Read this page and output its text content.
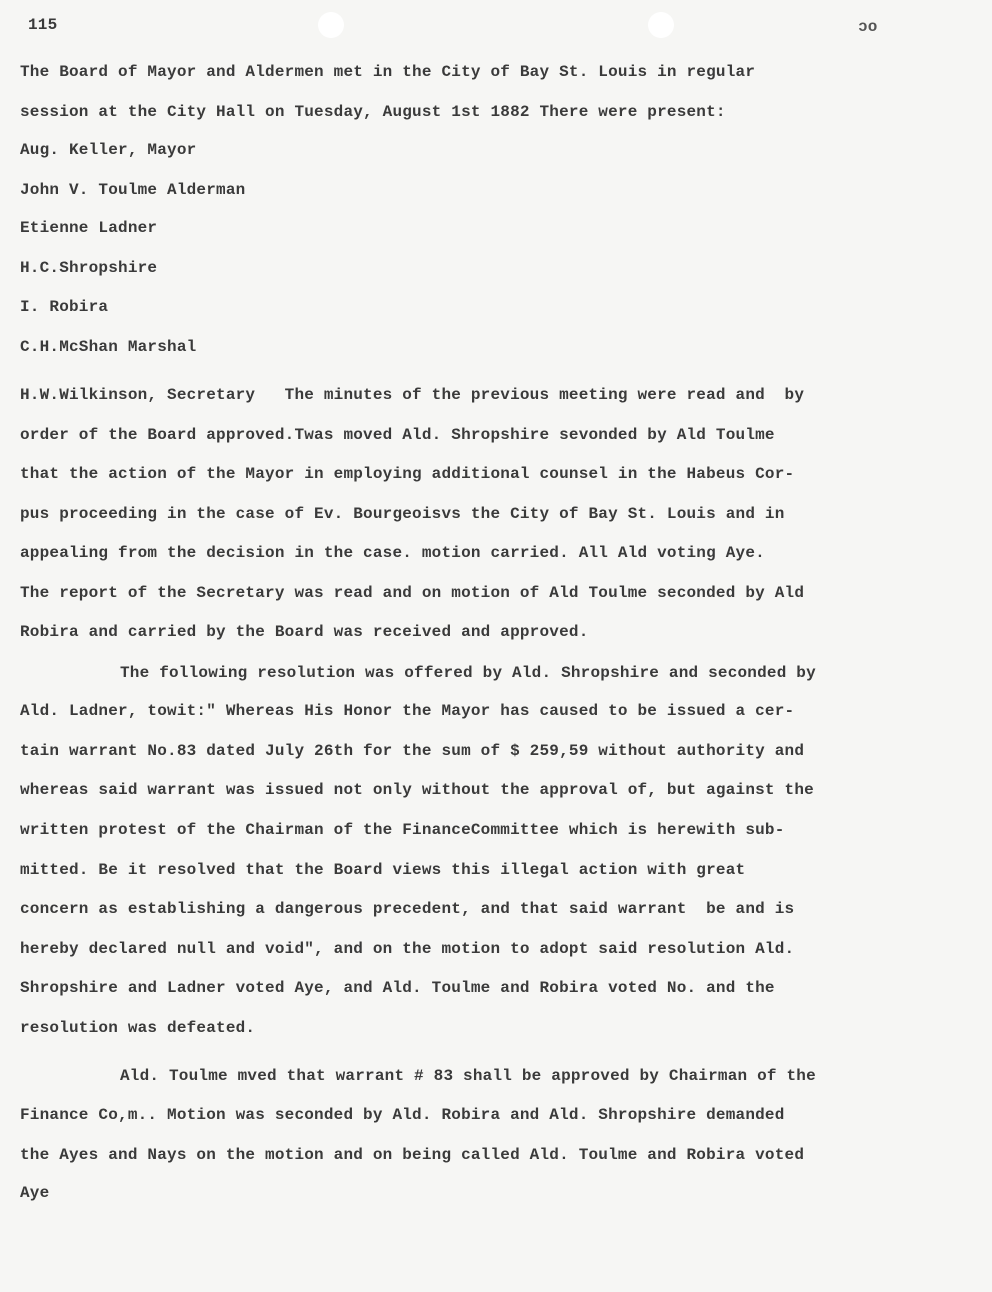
115	ɔo
The Board of Mayor and Aldermen met in the City of Bay St. Louis in regular
session at the City Hall on Tuesday, August 1st 1882 There were present:
Aug. Keller, Mayor
John V. Toulme Alderman
Etienne Ladner
H.C.Shropshire
I. Robira
C.H.McShan Marshal
H.W.Wilkinson, Secretary   The minutes of the previous meeting were read and  by
order of the Board approved.Twas moved Ald. Shropshire sevonded by Ald Toulme
that the action of the Mayor in employing additional counsel in the Habeus Cor-
pus proceeding in the case of Ev. Bourgeoisvs the City of Bay St. Louis and in
appealing from the decision in the case. motion carried. All Ald voting Aye.
The report of the Secretary was read and on motion of Ald Toulme seconded by Ald
Robira and carried by the Board was received and approved.
The following resolution was offered by Ald. Shropshire and seconded by
Ald. Ladner, towit:" Whereas His Honor the Mayor has caused to be issued a cer-
tain warrant No.83 dated July 26th for the sum of $ 259,59 without authority and
whereas said warrant was issued not only without the approval of, but against the
written protest of the Chairman of the FinanceCommittee which is herewith sub-
mitted. Be it resolved that the Board views this illegal action with great
concern as establishing a dangerous precedent, and that said warrant  be and is
hereby declared null and void", and on the motion to adopt said resolution Ald.
Shropshire and Ladner voted Aye, and Ald. Toulme and Robira voted No. and the
resolution was defeated.
Ald. Toulme mved that warrant # 83 shall be approved by Chairman of the
Finance Co,m.. Motion was seconded by Ald. Robira and Ald. Shropshire demanded
the Ayes and Nays on the motion and on being called Ald. Toulme and Robira voted
Aye
